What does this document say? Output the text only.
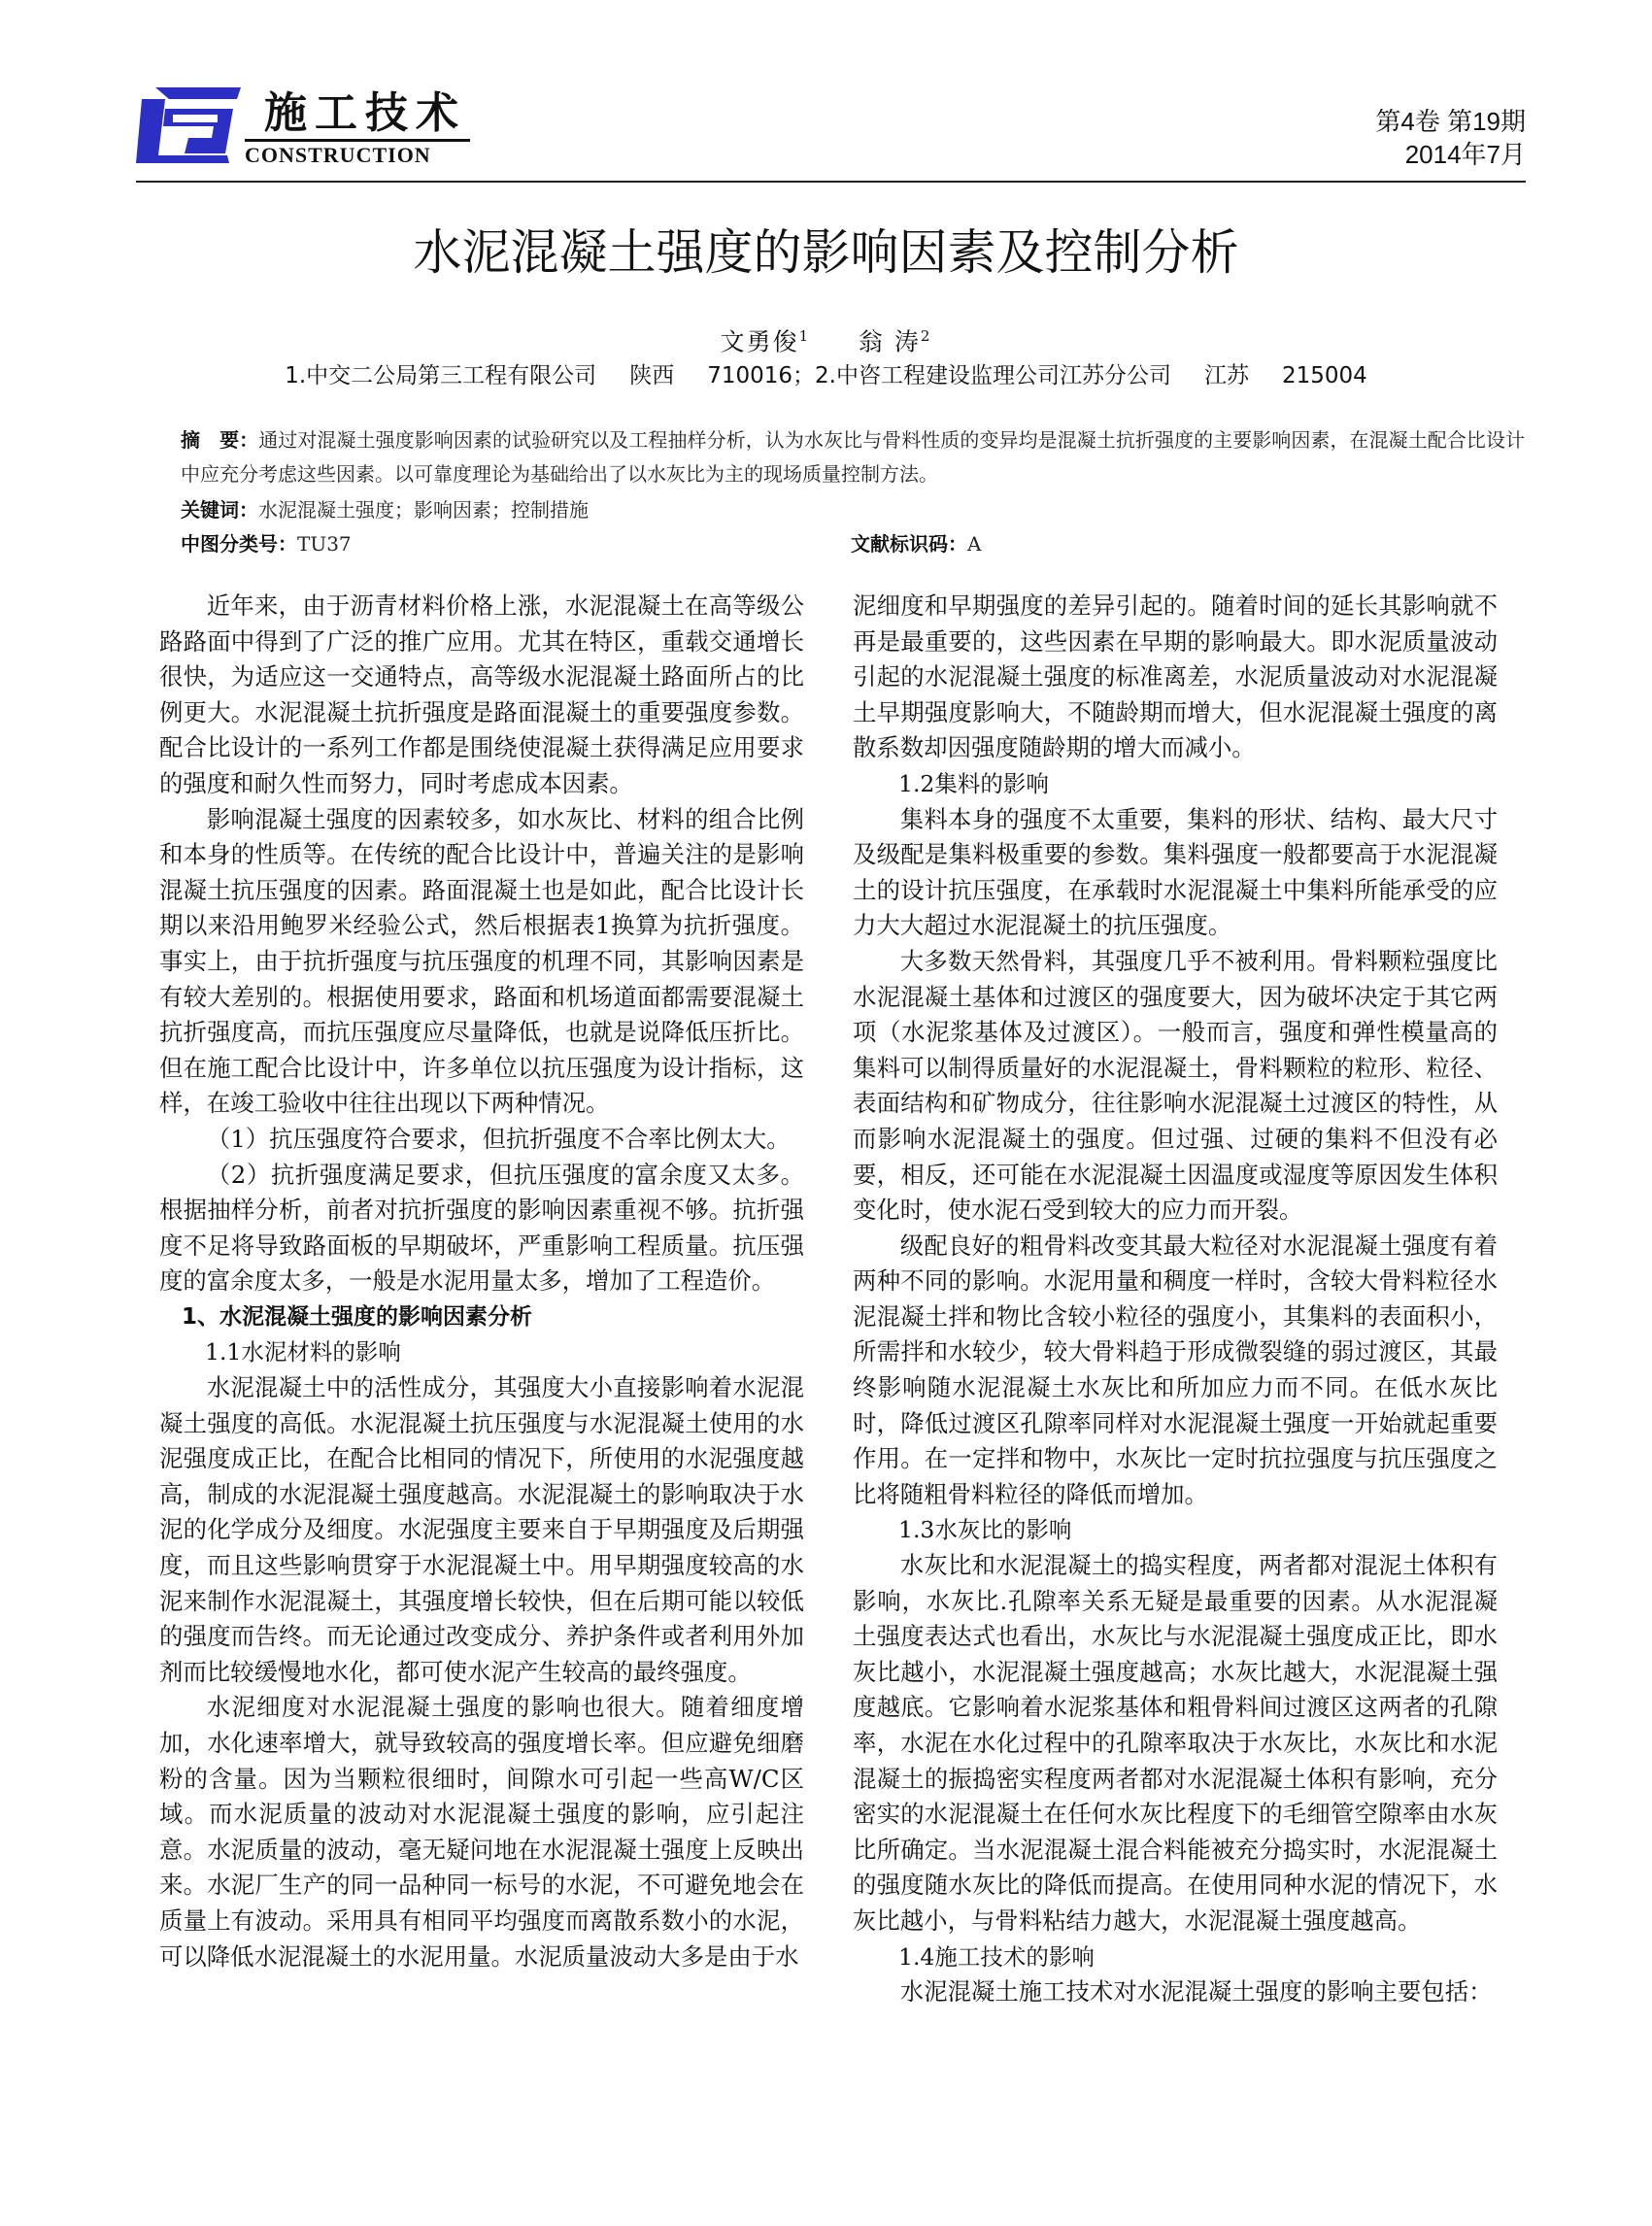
施工技术
CONSTRUCTION
第4卷 第19期
2014年7月
水泥混凝土强度的影响因素及控制分析
文勇俊$^1$ 翁 涛$^2$
1.中交二公局第三工程有限公司 陕西 710016；2.中咨工程建设监理公司江苏分公司 江苏 215004
摘　要：通过对混凝土强度影响因素的试验研究以及工程抽样分析，认为水灰比与骨料性质的变异均是混凝土抗折强度的主要影响因素，在混凝土配合比设计中应充分考虑这些因素。以可靠度理论为基础给出了以水灰比为主的现场质量控制方法。
关键词：水泥混凝土强度；影响因素；控制措施
中图分类号：TU37	文献标识码：A

近年来，由于沥青材料价格上涨，水泥混凝土在高等级公路路面中得到了广泛的推广应用。尤其在特区，重载交通增长很快，为适应这一交通特点，高等级水泥混凝土路面所占的比例更大。水泥混凝土抗折强度是路面混凝土的重要强度参数。配合比设计的一系列工作都是围绕使混凝土获得满足应用要求的强度和耐久性而努力，同时考虑成本因素。

影响混凝土强度的因素较多，如水灰比、材料的组合比例和本身的性质等。在传统的配合比设计中，普遍关注的是影响混凝土抗压强度的因素。路面混凝土也是如此，配合比设计长期以来沿用鲍罗米经验公式，然后根据表1换算为抗折强度。事实上，由于抗折强度与抗压强度的机理不同，其影响因素是有较大差别的。根据使用要求，路面和机场道面都需要混凝土抗折强度高，而抗压强度应尽量降低，也就是说降低压折比。但在施工配合比设计中，许多单位以抗压强度为设计指标，这样，在竣工验收中往往出现以下两种情况。

（1）抗压强度符合要求，但抗折强度不合率比例太大。

（2）抗折强度满足要求，但抗压强度的富余度又太多。根据抽样分析，前者对抗折强度的影响因素重视不够。抗折强度不足将导致路面板的早期破坏，严重影响工程质量。抗压强度的富余度太多，一般是水泥用量太多，增加了工程造价。

1、水泥混凝土强度的影响因素分析
1.1水泥材料的影响

水泥混凝土中的活性成分，其强度大小直接影响着水泥混凝土强度的高低。水泥混凝土抗压强度与水泥混凝土使用的水泥强度成正比，在配合比相同的情况下，所使用的水泥强度越高，制成的水泥混凝土强度越高。水泥混凝土的影响取决于水泥的化学成分及细度。水泥强度主要来自于早期强度及后期强度，而且这些影响贯穿于水泥混凝土中。用早期强度较高的水泥来制作水泥混凝土，其强度增长较快，但在后期可能以较低的强度而告终。而无论通过改变成分、养护条件或者利用外加剂而比较缓慢地水化，都可使水泥产生较高的最终强度。

水泥细度对水泥混凝土强度的影响也很大。随着细度增加，水化速率增大，就导致较高的强度增长率。但应避免细磨粉的含量。因为当颗粒很细时，间隙水可引起一些高W/C区域。而水泥质量的波动对水泥混凝土强度的影响，应引起注意。水泥质量的波动，毫无疑问地在水泥混凝土强度上反映出来。水泥厂生产的同一品种同一标号的水泥，不可避免地会在质量上有波动。采用具有相同平均强度而离散系数小的水泥，可以降低水泥混凝土的水泥用量。水泥质量波动大多是由于水

泥细度和早期强度的差异引起的。随着时间的延长其影响就不再是最重要的，这些因素在早期的影响最大。即水泥质量波动引起的水泥混凝土强度的标准离差，水泥质量波动对水泥混凝土早期强度影响大，不随龄期而增大，但水泥混凝土强度的离散系数却因强度随龄期的增大而减小。

1.2集料的影响

集料本身的强度不太重要，集料的形状、结构、最大尺寸及级配是集料极重要的参数。集料强度一般都要高于水泥混凝土的设计抗压强度，在承载时水泥混凝土中集料所能承受的应力大大超过水泥混凝土的抗压强度。

大多数天然骨料，其强度几乎不被利用。骨料颗粒强度比水泥混凝土基体和过渡区的强度要大，因为破坏决定于其它两项（水泥浆基体及过渡区）。一般而言，强度和弹性模量高的集料可以制得质量好的水泥混凝土，骨料颗粒的粒形、粒径、表面结构和矿物成分，往往影响水泥混凝土过渡区的特性，从而影响水泥混凝土的强度。但过强、过硬的集料不但没有必要，相反，还可能在水泥混凝土因温度或湿度等原因发生体积变化时，使水泥石受到较大的应力而开裂。

级配良好的粗骨料改变其最大粒径对水泥混凝土强度有着两种不同的影响。水泥用量和稠度一样时，含较大骨料粒径水泥混凝土拌和物比含较小粒径的强度小，其集料的表面积小，所需拌和水较少，较大骨料趋于形成微裂缝的弱过渡区，其最终影响随水泥混凝土水灰比和所加应力而不同。在低水灰比时，降低过渡区孔隙率同样对水泥混凝土强度一开始就起重要作用。在一定拌和物中，水灰比一定时抗拉强度与抗压强度之比将随粗骨料粒径的降低而增加。

1.3水灰比的影响

水灰比和水泥混凝土的捣实程度，两者都对混泥土体积有影响，水灰比.孔隙率关系无疑是最重要的因素。从水泥混凝土强度表达式也看出，水灰比与水泥混凝土强度成正比，即水灰比越小，水泥混凝土强度越高；水灰比越大，水泥混凝土强度越底。它影响着水泥浆基体和粗骨料间过渡区这两者的孔隙率，水泥在水化过程中的孔隙率取决于水灰比，水灰比和水泥混凝土的振捣密实程度两者都对水泥混凝土体积有影响，充分密实的水泥混凝土在任何水灰比程度下的毛细管空隙率由水灰比所确定。当水泥混凝土混合料能被充分捣实时，水泥混凝土的强度随水灰比的降低而提高。在使用同种水泥的情况下，水灰比越小，与骨料粘结力越大，水泥混凝土强度越高。

1.4施工技术的影响

水泥混凝土施工技术对水泥混凝土强度的影响主要包括：
